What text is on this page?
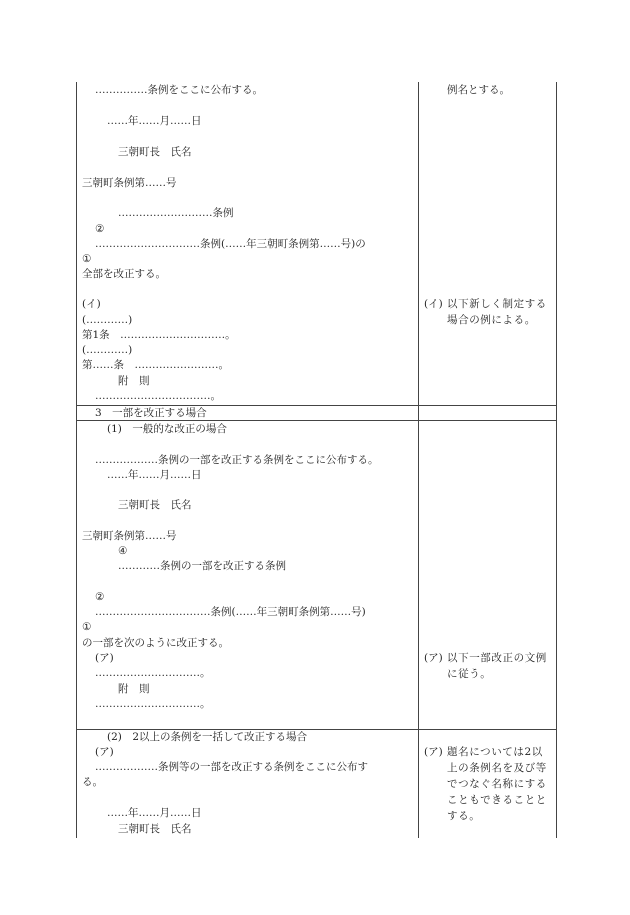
……………条例をここに公布する。
……年……月……日
三朝町長　氏名
三朝町条例第……号
………………………条例
②
…………………………条例(……年三朝町条例第……号)の
①
全部を改正する。
(イ)
(…………)
第1条　…………………………。
(…………)
第……条　……………………。
附　則
……………………………。
3　一部を改正する場合
(1)　一般的な改正の場合
………………条例の一部を改正する条例をここに公布する。
……年……月……日
三朝町長　氏名
三朝町条例第……号
④
…………条例の一部を改正する条例
②
……………………………条例(……年三朝町条例第……号)
①
の一部を次のように改正する。
(ア)
…………………………。
附　則
…………………………。
(2)　2以上の条例を一括して改正する場合
(ア)
………………条例等の一部を改正する条例をここに公布す
る。
……年……月……日
三朝町長　氏名
例名とする。
(イ) 以下新しく制定する場合の例による。
(ア) 以下一部改正の文例に従う。
(ア) 題名については2以上の条例名を及び等でつなぐ名称にすることもできることとする。
